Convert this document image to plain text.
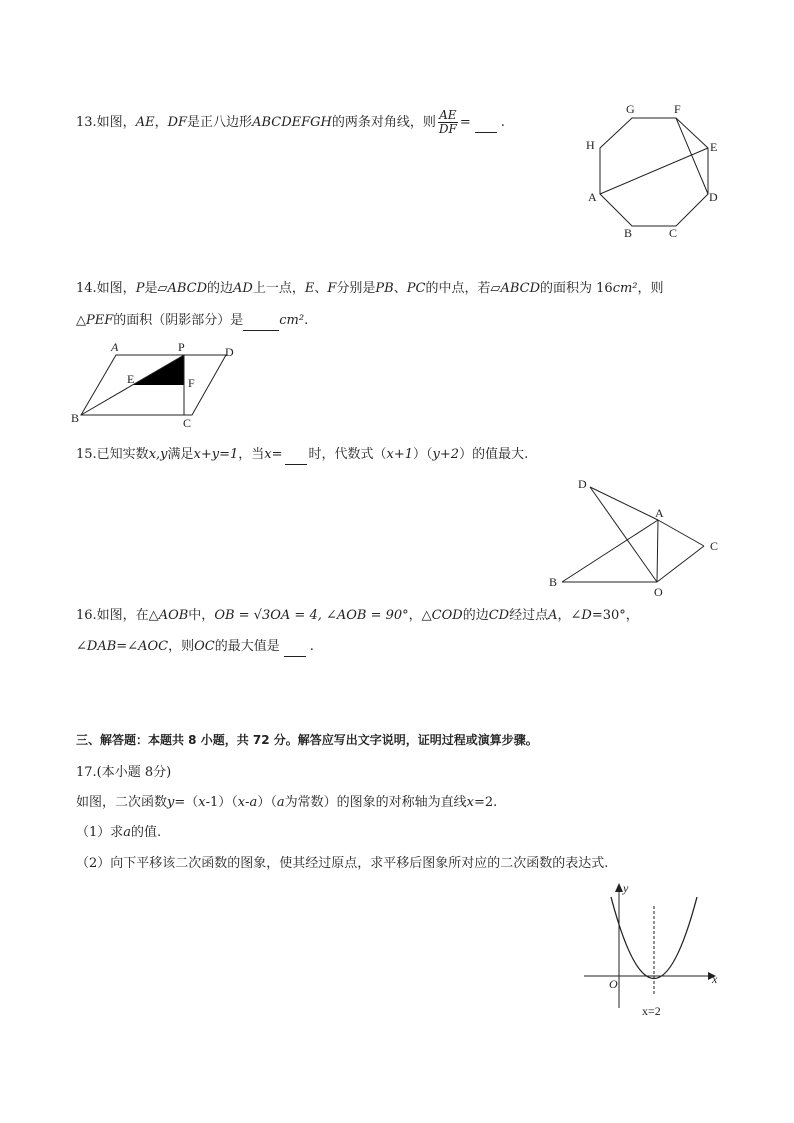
13.如图，AE，DF是正八边形ABCDEFGH的两条对角线，则 $\frac{AE}{DF}$ = .
G	F
H	E
A	D
B	C
14.如图，P是▱ABCD的边AD上一点，E、F分别是PB、PC的中点，若▱ABCD的面积为 16cm²，则
△PEF的面积（阴影部分）是	cm².
A	P	D
E	F
B	C
15.已知实数x,y满足x+y=1，当x= 时，代数式（x+1）（y+2）的值最大.
D
A
C
B
O
16.如图，在△AOB中，OB = √3OA = 4, ∠AOB = 90°，△COD的边CD经过点A，∠D=30°，
∠DAB=∠AOC，则OC的最大值是 .
三、解答题：本题共 8 小题，共 72 分。解答应写出文字说明，证明过程或演算步骤。
17.(本小题 8分)
如图，二次函数y=（x-1）（x-a）（a为常数）的图象的对称轴为直线x=2.
（1）求a的值.
（2）向下平移该二次函数的图象，使其经过原点，求平移后图象所对应的二次函数的表达式.
y
x
O
x=2
